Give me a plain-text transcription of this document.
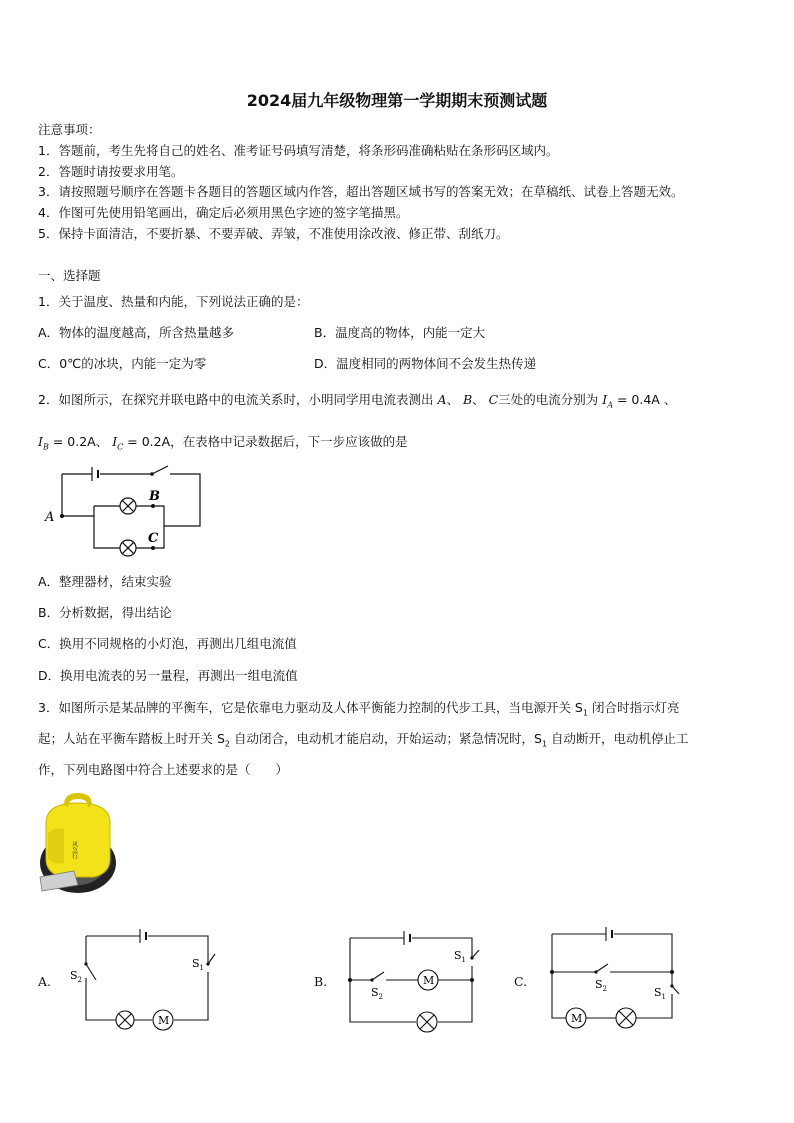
2024届九年级物理第一学期期末预测试题
注意事项：
1．答题前，考生先将自己的姓名、准考证号码填写清楚，将条形码准确粘贴在条形码区域内。
2．答题时请按要求用笔。
3．请按照题号顺序在答题卡各题目的答题区域内作答，超出答题区域书写的答案无效；在草稿纸、试卷上答题无效。
4．作图可先使用铅笔画出，确定后必须用黑色字迹的签字笔描黑。
5．保持卡面清洁，不要折暴、不要弄破、弄皱，不准使用涂改液、修正带、刮纸刀。
一、选择题
1．关于温度、热量和内能，下列说法正确的是：
A．物体的温度越高，所含热量越多	B．温度高的物体，内能一定大
C．0℃的冰块，内能一定为零	D．温度相同的两物体间不会发生热传递
2．如图所示，在探究并联电路中的电流关系时，小明同学用电流表测出 A、 B、 C三处的电流分别为 $I_A = 0.4A$ 、
$I_B = 0.2A$、 $I_C = 0.2A$，在表格中记录数据后，下一步应该做的是
A
B
C
A．整理器材，结束实验
B．分析数据，得出结论
C．换用不同规格的小灯泡，再测出几组电流值
D．换用电流表的另一量程，再测出一组电流值
3．如图所示是某品牌的平衡车，它是依靠电力驱动及人体平衡能力控制的代步工具，当电源开关 $S_1$ 闭合时指示灯亮
起；人站在平衡车踏板上时开关 $S_2$ 自动闭合，电动机才能启动，开始运动；紧急情况时，$S_1$ 自动断开，电动机停止工
作，下列电路图中符合上述要求的是（　　）
风急行
A.
M
$S_1$
$S_2$	B.	M
$S_1$
$S_2$
C.
M
$S_1$
$S_2$
